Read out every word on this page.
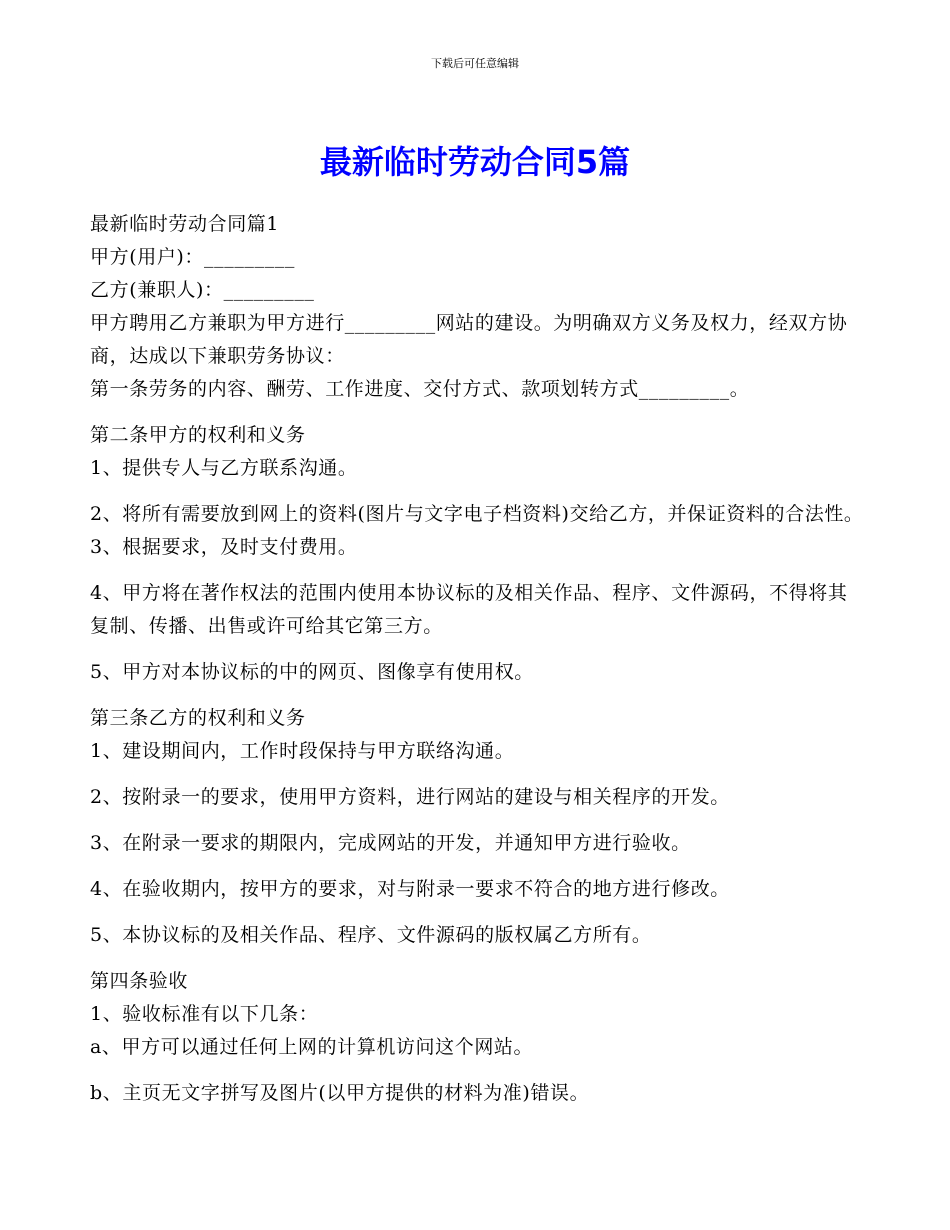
下载后可任意编辑
最新临时劳动合同5篇

最新临时劳动合同篇1

甲方(用户)：_________

乙方(兼职人)：_________

甲方聘用乙方兼职为甲方进行_________网站的建设。为明确双方义务及权力，经双方协商，达成以下兼职劳务协议：

第一条劳务的内容、酬劳、工作进度、交付方式、款项划转方式_________。

第二条甲方的权利和义务

1、提供专人与乙方联系沟通。

2、将所有需要放到网上的资料(图片与文字电子档资料)交给乙方，并保证资料的合法性。3、根据要求，及时支付费用。

4、甲方将在著作权法的范围内使用本协议标的及相关作品、程序、文件源码，不得将其复制、传播、出售或许可给其它第三方。

5、甲方对本协议标的中的网页、图像享有使用权。

第三条乙方的权利和义务

1、建设期间内，工作时段保持与甲方联络沟通。

2、按附录一的要求，使用甲方资料，进行网站的建设与相关程序的开发。

3、在附录一要求的期限内，完成网站的开发，并通知甲方进行验收。

4、在验收期内，按甲方的要求，对与附录一要求不符合的地方进行修改。

5、本协议标的及相关作品、程序、文件源码的版权属乙方所有。

第四条验收

1、验收标准有以下几条：

a、甲方可以通过任何上网的计算机访问这个网站。

b、主页无文字拼写及图片(以甲方提供的材料为准)错误。
